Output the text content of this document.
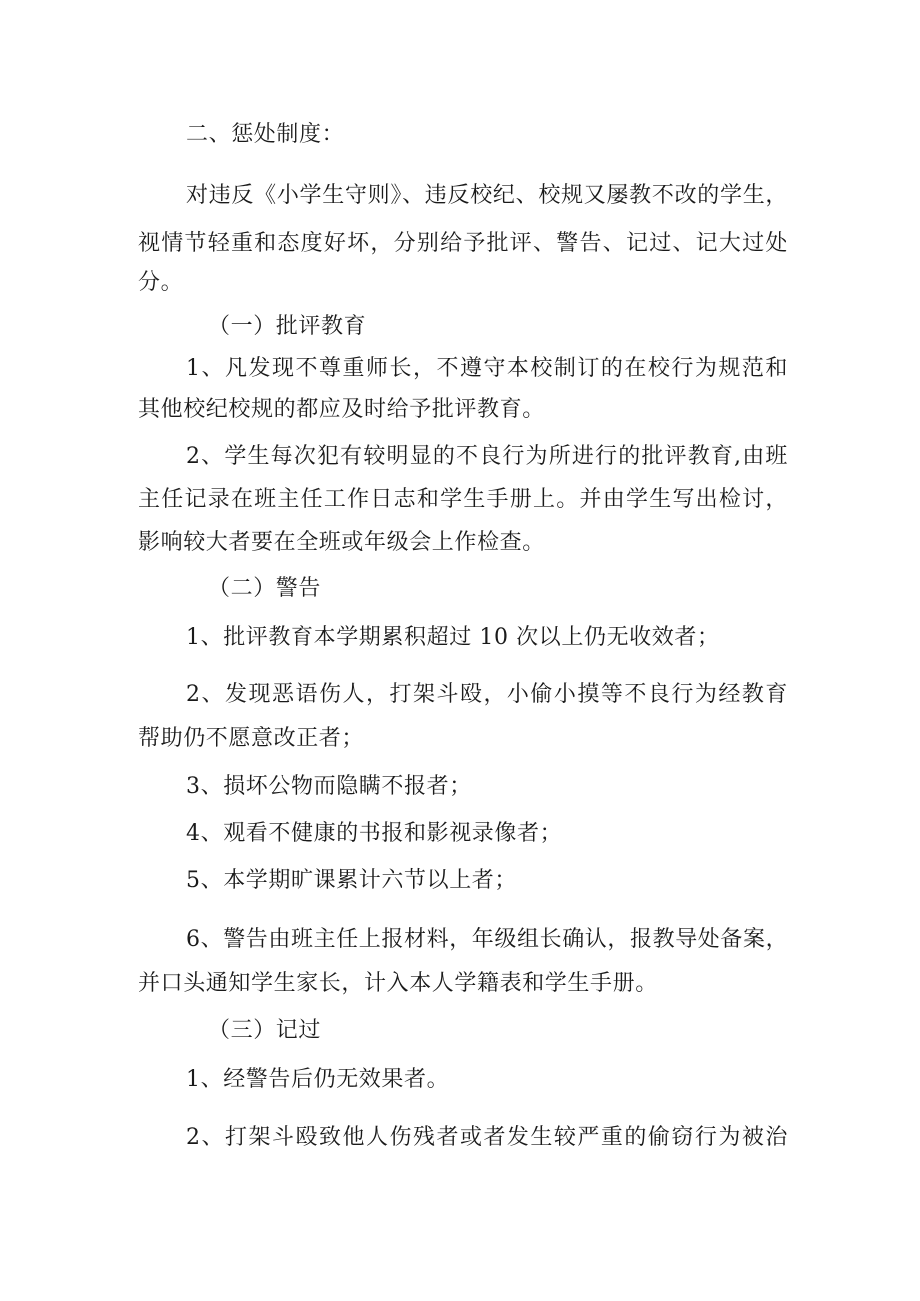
二、惩处制度：
对违反《小学生守则》、违反校纪、校规又屡教不改的学生，
视情节轻重和态度好坏，分别给予批评、警告、记过、记大过处
分。
（一）批评教育
1、凡发现不尊重师长，不遵守本校制订的在校行为规范和
其他校纪校规的都应及时给予批评教育。
2、学生每次犯有较明显的不良行为所进行的批评教育,由班
主任记录在班主任工作日志和学生手册上。并由学生写出检讨，
影响较大者要在全班或年级会上作检查。
（二）警告
1、批评教育本学期累积超过 10 次以上仍无收效者；
2、发现恶语伤人，打架斗殴，小偷小摸等不良行为经教育
帮助仍不愿意改正者；
3、损坏公物而隐瞒不报者；
4、观看不健康的书报和影视录像者；
5、本学期旷课累计六节以上者；
6、警告由班主任上报材料，年级组长确认，报教导处备案，
并口头通知学生家长，计入本人学籍表和学生手册。
（三）记过
1、经警告后仍无效果者。
2、打架斗殴致他人伤残者或者发生较严重的偷窃行为被治
